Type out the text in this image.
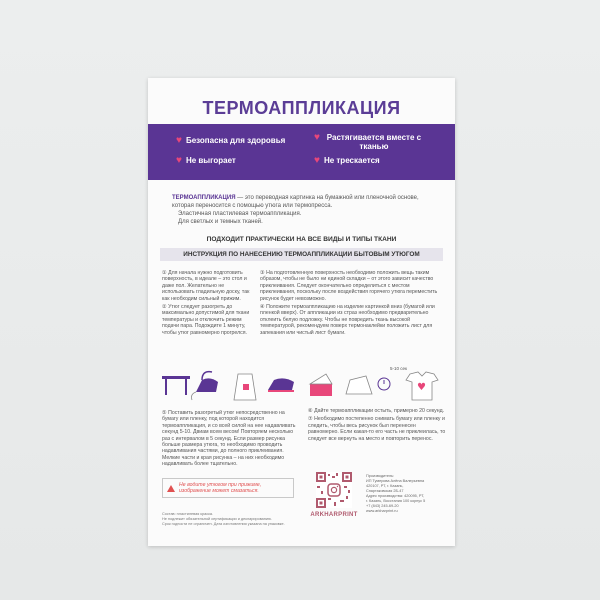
ТЕРМОАППЛИКАЦИЯ
♥ Безопасна для здоровья
♥ Не выгорает
♥ Растягивается вместе с тканью
♥ Не трескается
ТЕРМОАППЛИКАЦИЯ — это переводная картинка на бумажной или пленочной основе, которая переносится с помощью утюга или термопресса.
Эластичная пластилевая термоаппликация.
Для светлых и темных тканей.
ПОДХОДИТ ПРАКТИЧЕСКИ НА ВСЕ ВИДЫ И ТИПЫ ТКАНИ
ИНСТРУКЦИЯ ПО НАНЕСЕНИЮ ТЕРМОАППЛИКАЦИИ БЫТОВЫМ УТЮГОМ

① Для начала нужно подготовить поверхность, в идеале – это стол и даже пол. Желательно не использовать гладильную доску, так как необходим сильный прижим.

② Утюг следует разогреть до максимально допустимой для ткани температуры и отключить режим подачи пара. Подождите 1 минуту, чтобы утюг равномерно прогрелся.

③ На подготовленную поверхность необходимо положить вещь таким образом, чтобы не было ни единой складки – от этого зависит качество приклеивания. Следует окончательно определиться с местом приклеивания, поскольку после воздействия горячего утюга переместить рисунок будет невозможно.

④ Положите термоаппликацию на изделие картинкой вниз (бумагой или пленкой вверх). От аппликации из страз необходимо предварительно отклеить белую подложку. Чтобы не повредить ткань высокой температурой, рекомендуем поверх термонаклейки положить лист для запекания или чистый лист бумаги.

5-10 сек
♥

⑤ Поставить разогретый утюг непосредственно на бумагу или пленку, под которой находится термоаппликация, и со всей силой на нее надавливать секунд 5-10. Двиам всем весом! Повторяем несколько раз с интервалом в 5 секунд. Если размер рисунка больше размера утюга, то необходимо проводить надавливания частями, до полного приклеивания. Мелкие части и края рисунка – на них необходимо надавливать более тщательно.

⑥ Дайте термоаппликации остыть, примерно 20 секунд.

⑦ Необходимо постепенно снимать бумагу или пленку и следить, чтобы весь рисунок был перенесен равномерно. Если какая-то его часть не приклеилась, то следует все вернуть на место и повторить перенос.

Не водите утюгом при прижиме, изображение может смазаться.
Состав: пластилевая краска.
Не подлежит обязательной сертификации и декларированию.
Срок годности не ограничен. Дата изготовления указана на упаковке.
ARKHARPRINT
Производитель:
ИП Тумерова Алёна Валерьевна
420107, РТ, г. Казань,
Спартаковская 2Б-47
Адрес производства: 420095, РТ,
г. Казань, Восстания 100 корпус 5
+7 (843) 245-69-20
www.arkharprint.ru
